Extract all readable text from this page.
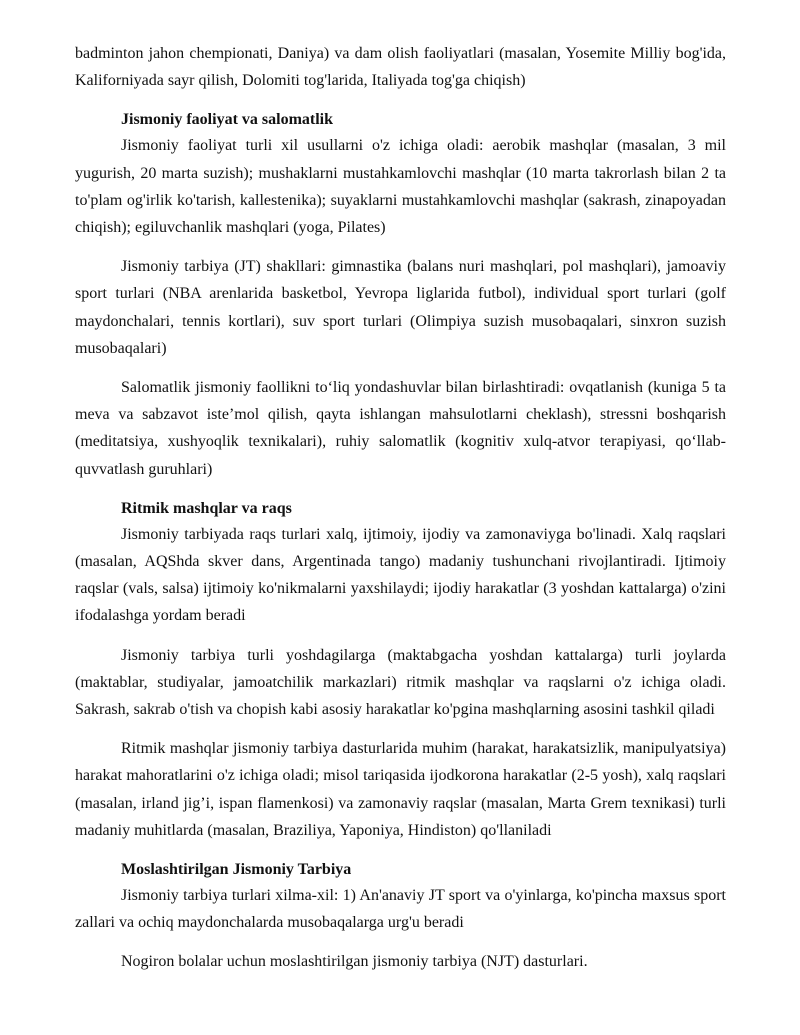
badminton jahon chempionati, Daniya) va dam olish faoliyatlari (masalan, Yosemite Milliy bog'ida, Kaliforniyada sayr qilish, Dolomiti tog'larida, Italiyada tog'ga chiqish)

Jismoniy faoliyat va salomatlik

Jismoniy faoliyat turli xil usullarni o'z ichiga oladi: aerobik mashqlar (masalan, 3 mil yugurish, 20 marta suzish); mushaklarni mustahkamlovchi mashqlar (10 marta takrorlash bilan 2 ta to'plam og'irlik ko'tarish, kallestenika); suyaklarni mustahkamlovchi mashqlar (sakrash, zinapoyadan chiqish); egiluvchanlik mashqlari (yoga, Pilates)

Jismoniy tarbiya (JT) shakllari: gimnastika (balans nuri mashqlari, pol mashqlari), jamoaviy sport turlari (NBA arenlarida basketbol, Yevropa liglarida futbol), individual sport turlari (golf maydonchalari, tennis kortlari), suv sport turlari (Olimpiya suzish musobaqalari, sinxron suzish musobaqalari)

Salomatlik jismoniy faollikni to‘liq yondashuvlar bilan birlashtiradi: ovqatlanish (kuniga 5 ta meva va sabzavot iste’mol qilish, qayta ishlangan mahsulotlarni cheklash), stressni boshqarish (meditatsiya, xushyoqlik texnikalari), ruhiy salomatlik (kognitiv xulq-atvor terapiyasi, qo‘llab-quvvatlash guruhlari)

Ritmik mashqlar va raqs

Jismoniy tarbiyada raqs turlari xalq, ijtimoiy, ijodiy va zamonaviyga bo'linadi. Xalq raqslari (masalan, AQShda skver dans, Argentinada tango) madaniy tushunchani rivojlantiradi. Ijtimoiy raqslar (vals, salsa) ijtimoiy ko'nikmalarni yaxshilaydi; ijodiy harakatlar (3 yoshdan kattalarga) o'zini ifodalashga yordam beradi

Jismoniy tarbiya turli yoshdagilarga (maktabgacha yoshdan kattalarga) turli joylarda (maktablar, studiyalar, jamoatchilik markazlari) ritmik mashqlar va raqslarni o'z ichiga oladi. Sakrash, sakrab o'tish va chopish kabi asosiy harakatlar ko'pgina mashqlarning asosini tashkil qiladi

Ritmik mashqlar jismoniy tarbiya dasturlarida muhim (harakat, harakatsizlik, manipulyatsiya) harakat mahoratlarini o'z ichiga oladi; misol tariqasida ijodkorona harakatlar (2-5 yosh), xalq raqslari (masalan, irland jig’i, ispan flamenkosi) va zamonaviy raqslar (masalan, Marta Grem texnikasi) turli madaniy muhitlarda (masalan, Braziliya, Yaponiya, Hindiston) qo'llaniladi

Moslashtirilgan Jismoniy Tarbiya

Jismoniy tarbiya turlari xilma-xil: 1) An'anaviy JT sport va o'yinlarga, ko'pincha maxsus sport zallari va ochiq maydonchalarda musobaqalarga urg'u beradi

Nogiron bolalar uchun moslashtirilgan jismoniy tarbiya (NJT) dasturlari.
